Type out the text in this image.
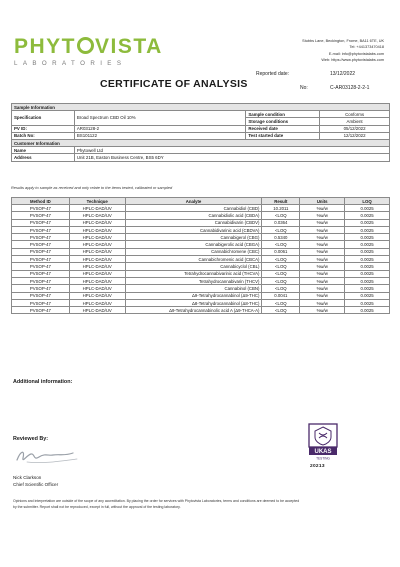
PHYT VISTA
LABORATORIES
Stubbs Lane, Beckington, Frome, BA11 6TE, UK
Tel: +441373470418
E-mail: info@phytovistalabs.com
Web: https://www.phytovistalabs.com
CERTIFICATE OF ANALYSIS
Reported date:	13/12/2022
No:	C-AR03128-2-2-1
Sample Information			
Specification	Broad Spectrum CBD Oil 10%	Sample condition	Conforms
		Storage conditions	Ambient
PV ID:	AR03128-2	Received date	05/12/2022
Batch No:	BS101122	Test started date	12/12/2022
Customer Information			
Name	Phytowell Ltd		
Address	Unit 21B, Easton Business Centre, BS5 6DY		
Results apply to sample as received and only relate to the items tested, calibrated or sampled
Method ID	Technique	Analyte	Result	Units	LOQ
PVSOP-47	HPLC-DAD/UV	Cannabidiol (CBD)	10.2011	%w/w	0.0025
PVSOP-47	HPLC-DAD/UV	Cannabidiolic acid (CBDA)	<LOQ	%w/w	0.0025
PVSOP-47	HPLC-DAD/UV	Cannabidivarin (CBDV)	0.0364	%w/w	0.0025
PVSOP-47	HPLC-DAD/UV	Cannabidivarinic acid (CBDVA)	<LOQ	%w/w	0.0025
PVSOP-47	HPLC-DAD/UV	Cannabigerol (CBG)	0.5340	%w/w	0.0025
PVSOP-47	HPLC-DAD/UV	Cannabigerolic acid (CBGA)	<LOQ	%w/w	0.0025
PVSOP-47	HPLC-DAD/UV	Cannabichromene (CBC)	0.0061	%w/w	0.0025
PVSOP-47	HPLC-DAD/UV	Cannabichromenic acid (CBCA)	<LOQ	%w/w	0.0025
PVSOP-47	HPLC-DAD/UV	Cannabicyclol (CBL)	<LOQ	%w/w	0.0025
PVSOP-47	HPLC-DAD/UV	Tetrahydrocannabivarinic acid (THCVA)	<LOQ	%w/w	0.0025
PVSOP-47	HPLC-DAD/UV	Tetrahydrocannabivarin (THCV)	<LOQ	%w/w	0.0025
PVSOP-47	HPLC-DAD/UV	Cannabinol (CBN)	<LOQ	%w/w	0.0025
PVSOP-47	HPLC-DAD/UV	Δ9-Tetrahydrocannabinol (Δ9-THC)	0.0041	%w/w	0.0025
PVSOP-47	HPLC-DAD/UV	Δ8-Tetrahydrocannabinol (Δ8-THC)	<LOQ	%w/w	0.0025
PVSOP-47	HPLC-DAD/UV	Δ9-Tetrahydrocannabinolic acid A (Δ9-THCA-A)	<LOQ	%w/w	0.0025
Additional information:
Reviewed By:
Nick Clarkson
Chief Scientific Officer
UKAS
TESTING
20213
Opinions and interpretation are outside of the scope of any accreditation. By placing the order for services with Phytovista Laboratories, terms and conditions are deemed to be accepted
by the submitter. Report shall not be reproduced, except in full, without the approval of the testing laboratory.
